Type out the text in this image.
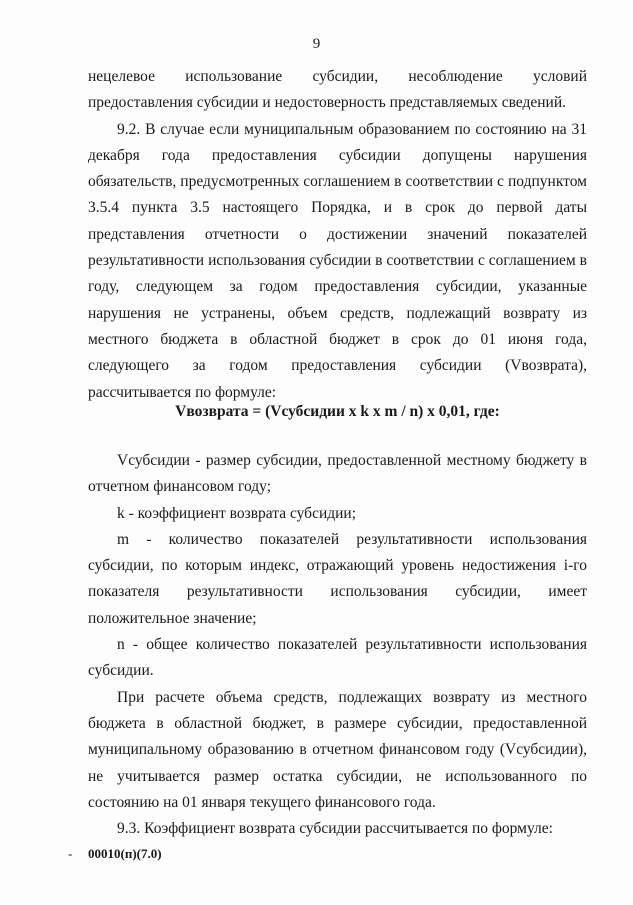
9

нецелевое использование субсидии, несоблюдение условий предоставления субсидии и недостоверность представляемых сведений.

9.2. В случае если муниципальным образованием по состоянию на 31 декабря года предоставления субсидии допущены нарушения обязательств, предусмотренных соглашением в соответствии с подпунктом 3.5.4 пункта 3.5 настоящего Порядка, и в срок до первой даты представления отчетности о достижении значений показателей результативности использования субсидии в соответствии с соглашением в году, следующем за годом предоставления субсидии, указанные нарушения не устранены, объем средств, подлежащий возврату из местного бюджета в областной бюджет в срок до 01 июня года, следующего за годом предоставления субсидии (Vвозврата), рассчитывается по формуле:

Vвозврата = (Vсубсидии x k x m / n) x 0,01, где:

Vсубсидии - размер субсидии, предоставленной местному бюджету в отчетном финансовом году;

k - коэффициент возврата субсидии;

m - количество показателей результативности использования субсидии, по которым индекс, отражающий уровень недостижения i-го показателя результативности использования субсидии, имеет положительное значение;

n - общее количество показателей результативности использования субсидии.

При расчете объема средств, подлежащих возврату из местного бюджета в областной бюджет, в размере субсидии, предоставленной муниципальному образованию в отчетном финансовом году (Vсубсидии), не учитывается размер остатка субсидии, не использованного по состоянию на 01 января текущего финансового года.

9.3. Коэффициент возврата субсидии рассчитывается по формуле:

- 00010(п)(7.0)
